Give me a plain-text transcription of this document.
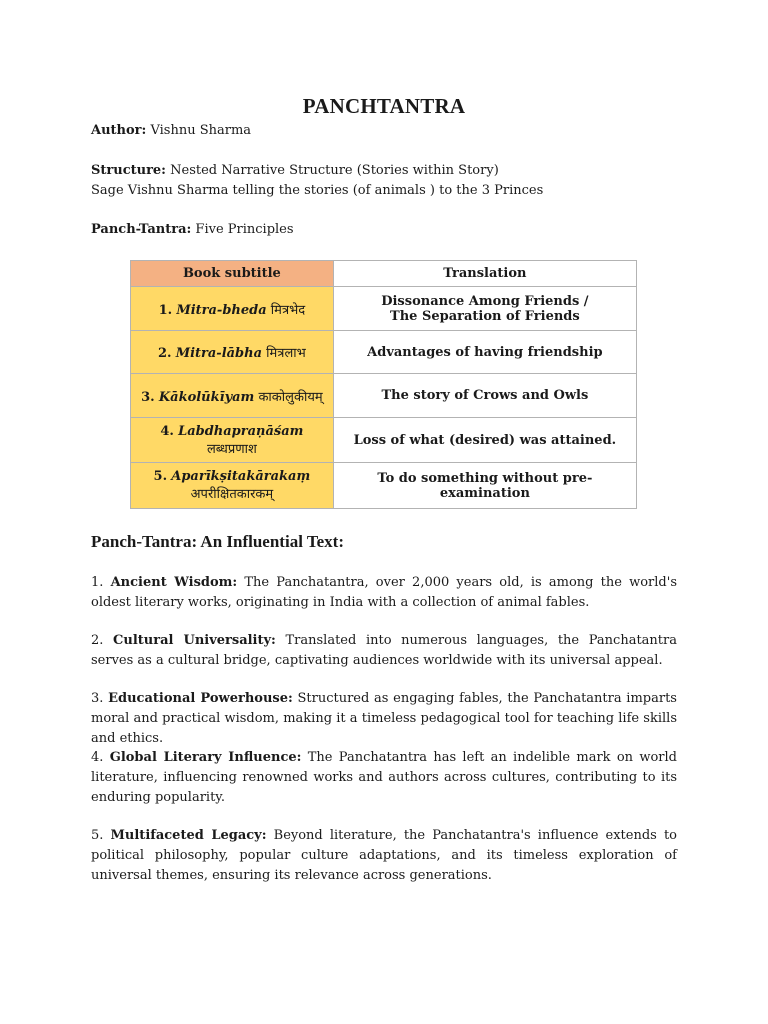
PANCHTANTRA
Author: Vishnu Sharma
Structure: Nested Narrative Structure (Stories within Story)
Sage Vishnu Sharma telling the stories (of animals ) to the 3 Princes
Panch-Tantra: Five Principles
Book subtitle	Translation
1. Mitra-bheda मित्रभेद	Dissonance Among Friends /
The Separation of Friends

2. Mitra-lābha मित्रलाभ	Advantages of having friendship
3. Kākolūkīyam काकोलुकीयम्	The story of Crows and Owls

4. Labdhapraṇāśam
लब्धप्रणाश	Loss of what (desired) was attained.

5. Aparīkṣitakārakaṃ
अपरीक्षितकारकम्	To do something without pre-examination
Panch-Tantra: An Influential Text:
1. Ancient Wisdom: The Panchatantra, over 2,000 years old, is among the world's oldest literary works, originating in India with a collection of animal fables.
2. Cultural Universality: Translated into numerous languages, the Panchatantra serves as a cultural bridge, captivating audiences worldwide with its universal appeal.
3. Educational Powerhouse: Structured as engaging fables, the Panchatantra imparts moral and practical wisdom, making it a timeless pedagogical tool for teaching life skills and ethics.
4. Global Literary Influence: The Panchatantra has left an indelible mark on world literature, influencing renowned works and authors across cultures, contributing to its enduring popularity.
5. Multifaceted Legacy: Beyond literature, the Panchatantra's influence extends to political philosophy, popular culture adaptations, and its timeless exploration of universal themes, ensuring its relevance across generations.
